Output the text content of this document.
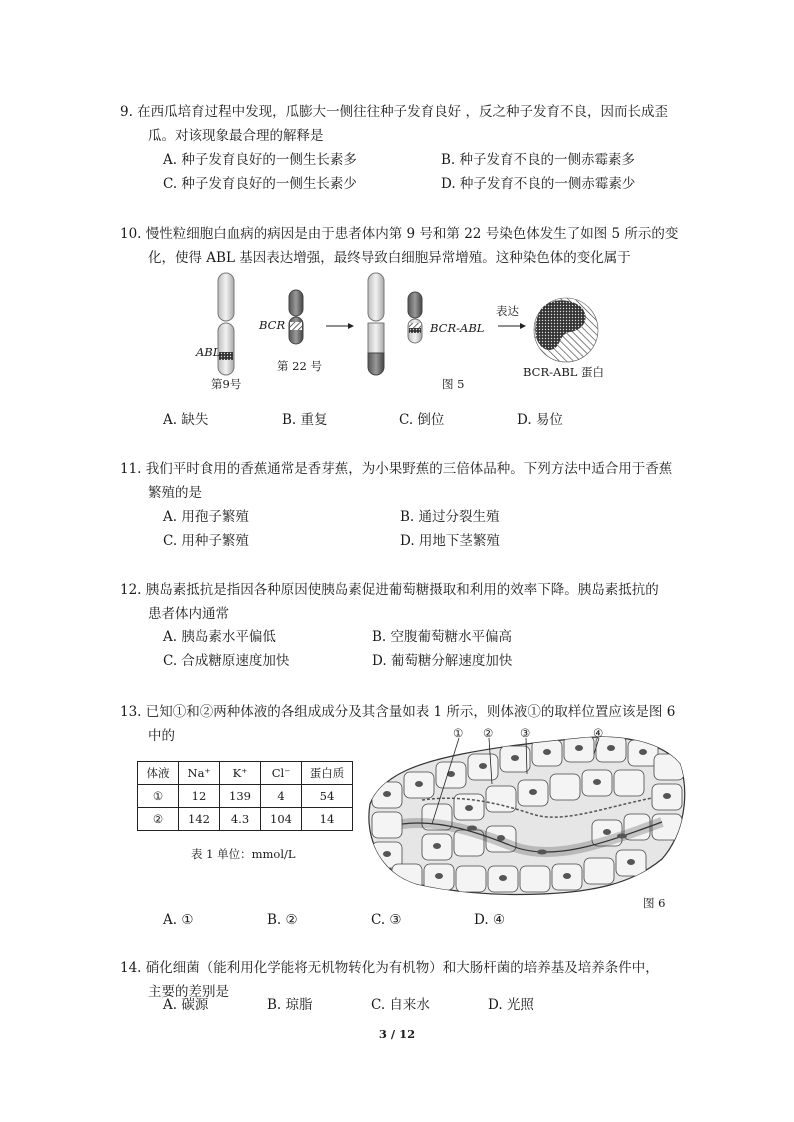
9. 在西瓜培育过程中发现，瓜膨大一侧往往种子发育良好 ，反之种子发育不良，因而长成歪
瓜。对该现象最合理的解释是
A. 种子发育良好的一侧生长素多	B. 种子发育不良的一侧赤霉素多
C. 种子发育良好的一侧生长素少	D. 种子发育不良的一侧赤霉素少
10. 慢性粒细胞白血病的病因是由于患者体内第 9 号和第 22 号染色体发生了如图 5 所示的变
化，使得 ABL 基因表达增强，最终导致白细胞异常增殖。这种染色体的变化属于
ABL
BCR
第9号
第 22 号
BCR-ABL
表达
BCR-ABL 蛋白
图 5
A. 缺失	B. 重复	C. 倒位	D. 易位
11. 我们平时食用的香蕉通常是香芽蕉，为小果野蕉的三倍体品种。下列方法中适合用于香蕉
繁殖的是
A. 用孢子繁殖	B. 通过分裂生殖
C. 用种子繁殖	D. 用地下茎繁殖
12. 胰岛素抵抗是指因各种原因使胰岛素促进葡萄糖摄取和利用的效率下降。胰岛素抵抗的
患者体内通常
A. 胰岛素水平偏低	B. 空腹葡萄糖水平偏高
C. 合成糖原速度加快	D. 葡萄糖分解速度加快
13. 已知①和②两种体液的各组成成分及其含量如表 1 所示，则体液①的取样位置应该是图 6
中的
体液	Na⁺	K⁺	Cl⁻	蛋白质
①	12	139	4	54
②	142	4.3	104	14
表 1 单位：mmol/L
① ② ③	④
图 6
A. ①	B. ②	C. ③	D. ④
14. 硝化细菌（能利用化学能将无机物转化为有机物）和大肠杆菌的培养基及培养条件中，
主要的差别是
A. 碳源	B. 琼脂	C. 自来水	D. 光照
3 / 12
